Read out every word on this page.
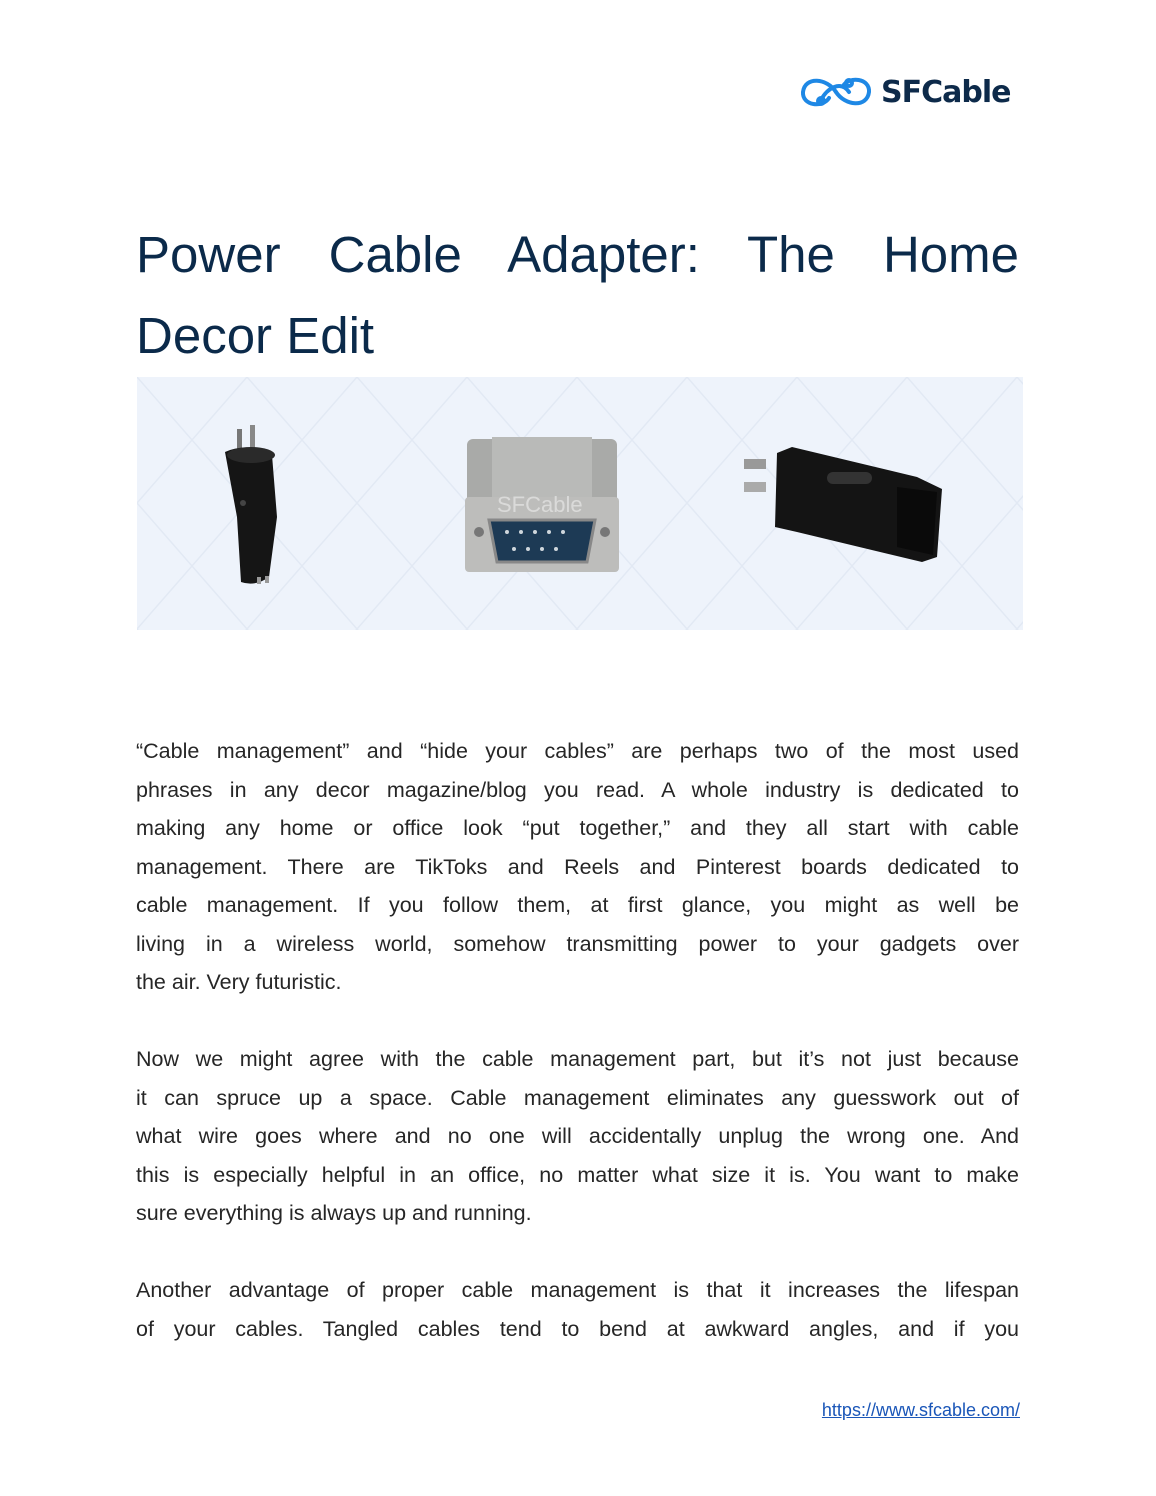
SFCable
Power Cable Adapter: The Home
Decor Edit
SFCable
“Cable management” and “hide your cables” are perhaps two of the most used
phrases in any decor magazine/blog you read. A whole industry is dedicated to
making any home or office look “put together,” and they all start with cable
management. There are TikToks and Reels and Pinterest boards dedicated to
cable management. If you follow them, at first glance, you might as well be
living in a wireless world, somehow transmitting power to your gadgets over
the air. Very futuristic.
Now we might agree with the cable management part, but it’s not just because
it can spruce up a space. Cable management eliminates any guesswork out of
what wire goes where and no one will accidentally unplug the wrong one. And
this is especially helpful in an office, no matter what size it is. You want to make
sure everything is always up and running.
Another advantage of proper cable management is that it increases the lifespan
of your cables. Tangled cables tend to bend at awkward angles, and if you
https://www.sfcable.com/
